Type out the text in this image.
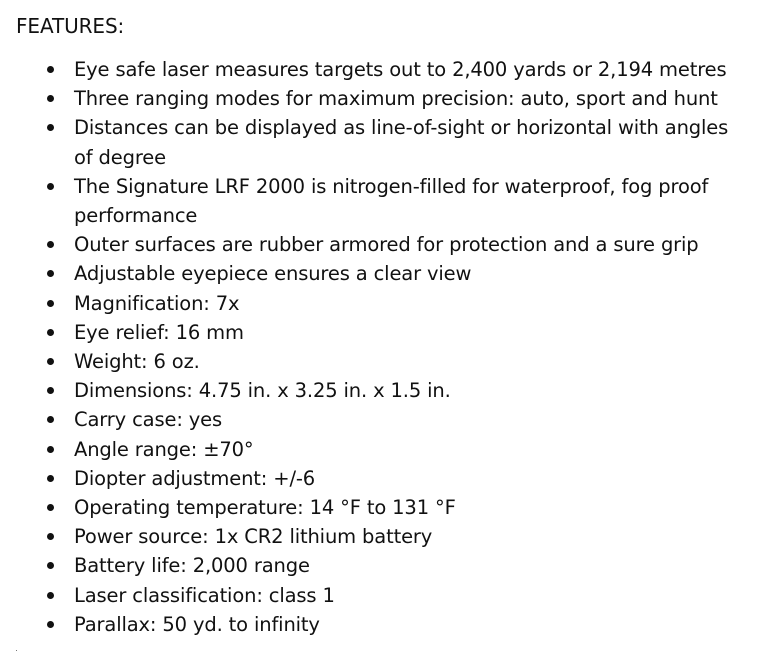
FEATURES:
Eye safe laser measures targets out to 2,400 yards or 2,194 metres
Three ranging modes for maximum precision: auto, sport and hunt
Distances can be displayed as line-of-sight or horizontal with angles of degree
The Signature LRF 2000 is nitrogen-filled for waterproof, fog proof performance
Outer surfaces are rubber armored for protection and a sure grip
Adjustable eyepiece ensures a clear view
Magnification: 7x
Eye relief: 16 mm
Weight: 6 oz.
Dimensions: 4.75 in. x 3.25 in. x 1.5 in.
Carry case: yes
Angle range: ±70°
Diopter adjustment: +/-6
Operating temperature: 14 °F to 131 °F
Power source: 1x CR2 lithium battery
Battery life: 2,000 range
Laser classification: class 1
Parallax: 50 yd. to infinity
